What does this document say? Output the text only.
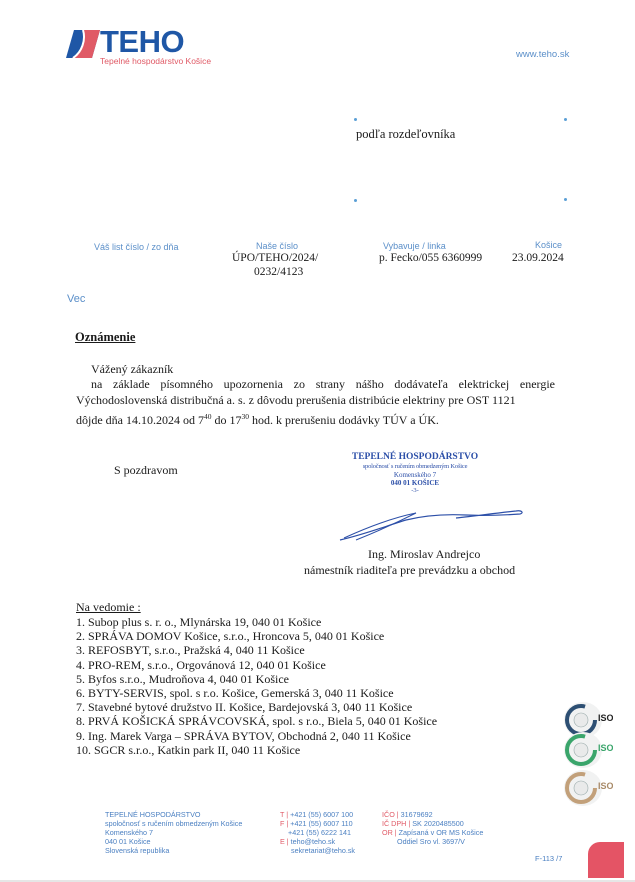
TEHO
Tepelné hospodárstvo Košice
www.teho.sk
podľa rozdeľovníka
Váš list číslo / zo dňa	Naše číslo
ÚPO/TEHO/2024/
0232/4123
Vybavuje / linka
p. Fecko/055 6360999
Košice
23.09.2024
Vec
Oznámenie
Vážený zákazník
na základe písomného upozornenia zo strany nášho dodávateľa elektrickej energie
Východoslovenská distribučná a. s. z dôvodu prerušenia distribúcie elektriny pre OST 1121
dôjde dňa 14.10.2024 od $7^{40}$ do $17^{30}$ hod. k prerušeniu dodávky TÚV a ÚK.
S pozdravom
TEPELNÉ HOSPODÁRSTVO
spoločnosť s ručením obmedzeným Košice
Komenského 7
040 01 KOŠICE
-3-
Ing. Miroslav Andrejco
námestník riaditeľa pre prevádzku a obchod
Na vedomie :
1. Subop plus s. r. o., Mlynárska 19, 040 01 Košice
2. SPRÁVA DOMOV Košice, s.r.o., Hroncova 5, 040 01 Košice
3. REFOSBYT, s.r.o., Pražská 4, 040 11 Košice
4. PRO-REM, s.r.o., Orgovánová 12, 040 01 Košice
5. Byfos s.r.o., Mudroňova 4, 040 01 Košice
6. BYTY-SERVIS, spol. s r.o. Košice, Gemerská 3, 040 11 Košice
7. Stavebné bytové družstvo II. Košice, Bardejovská 3, 040 11 Košice
8. PRVÁ KOŠICKÁ SPRÁVCOVSKÁ, spol. s r.o., Biela 5, 040 01 Košice
9. Ing. Marek Varga – SPRÁVA BYTOV, Obchodná 2, 040 11 Košice
10. SGCR s.r.o., Katkin park II, 040 11 Košice
ISO
ISO
ISO
TEPELNÉ HOSPODÁRSTVO
spoločnosť s ručením obmedzeným Košice
Komenského 7
040 01 Košice
Slovenská republika
T | +421 (55) 6007 100
F | +421 (55) 6007 110
+421 (55) 6222 141
E | teho@teho.sk
sekretariat@teho.sk
IČO | 31679692
IČ DPH | SK 2020485500
OR | Zapísaná v OR MS Košice
Oddiel Sro vl. 3697/V
F-113 /7
